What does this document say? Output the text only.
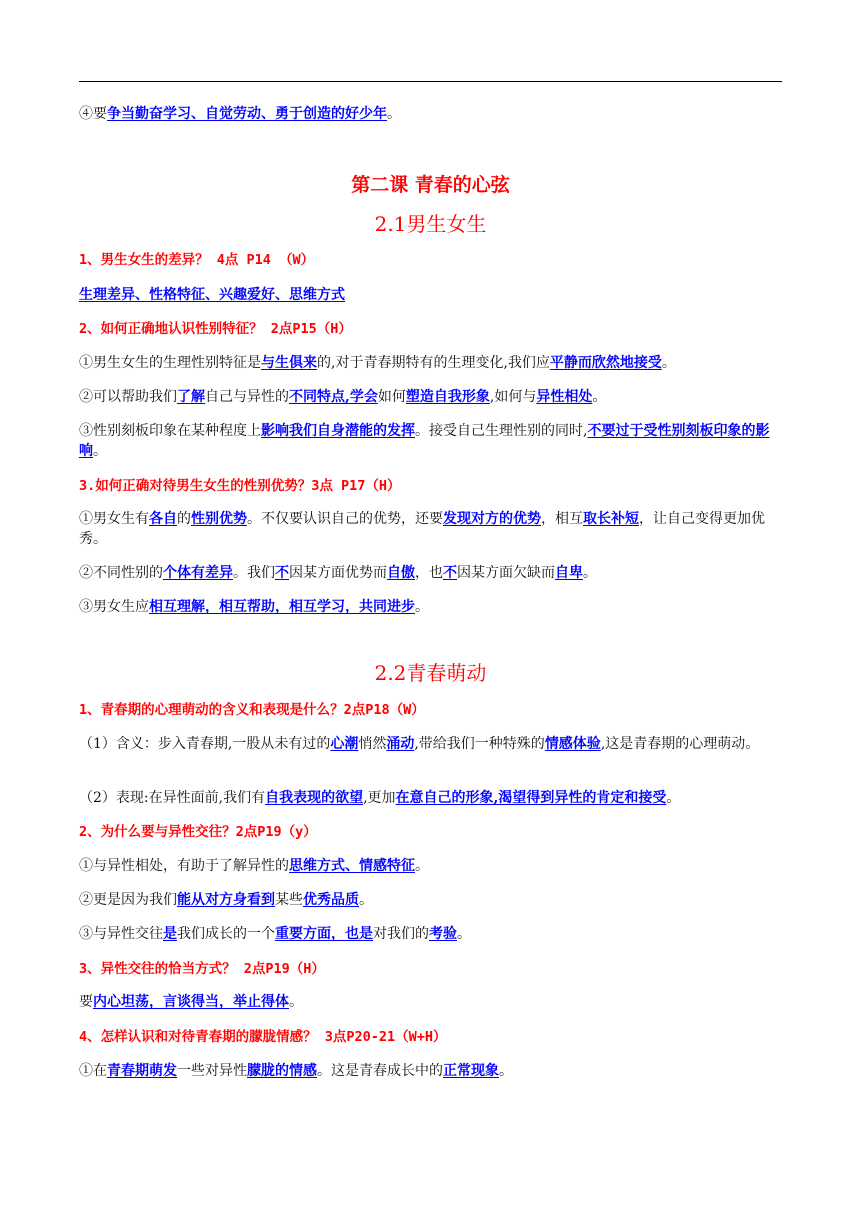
④要争当勤奋学习、自觉劳动、勇于创造的好少年。
第二课 青春的心弦
2.1男生女生
1、男生女生的差异？ 4点 P14 （W）
生理差异、性格特征、兴趣爱好、思维方式
2、如何正确地认识性别特征？ 2点P15（H）
①男生女生的生理性别特征是与生俱来的,对于青春期特有的生理变化,我们应平静而欣然地接受。
②可以帮助我们了解自己与异性的不同特点,学会如何塑造自我形象,如何与异性相处。
③性别刻板印象在某种程度上影响我们自身潜能的发挥。接受自己生理性别的同时,不要过于受性别刻板印象的影响。
3.如何正确对待男生女生的性别优势？3点 P17（H）
①男女生有各自的性别优势。不仅要认识自己的优势，还要发现对方的优势，相互取长补短，让自己变得更加优秀。
②不同性别的个体有差异。我们不因某方面优势而自傲，也不因某方面欠缺而自卑。
③男女生应相互理解，相互帮助，相互学习，共同进步。
2.2青春萌动
1、青春期的心理萌动的含义和表现是什么？2点P18（W）
（1）含义：步入青春期,一股从未有过的心潮悄然涌动,带给我们一种特殊的情感体验,这是青春期的心理萌动。
（2）表现:在异性面前,我们有自我表现的欲望,更加在意自己的形象,渴望得到异性的肯定和接受。
2、为什么要与异性交往？2点P19（y）
①与异性相处，有助于了解异性的思维方式、情感特征。
②更是因为我们能从对方身看到某些优秀品质。
③与异性交往是我们成长的一个重要方面，也是对我们的考验。
3、异性交往的恰当方式？ 2点P19（H）
要内心坦荡，言谈得当，举止得体。
4、怎样认识和对待青春期的朦胧情感？ 3点P20-21（W+H）
①在青春期萌发一些对异性朦胧的情感。这是青春成长中的正常现象。
